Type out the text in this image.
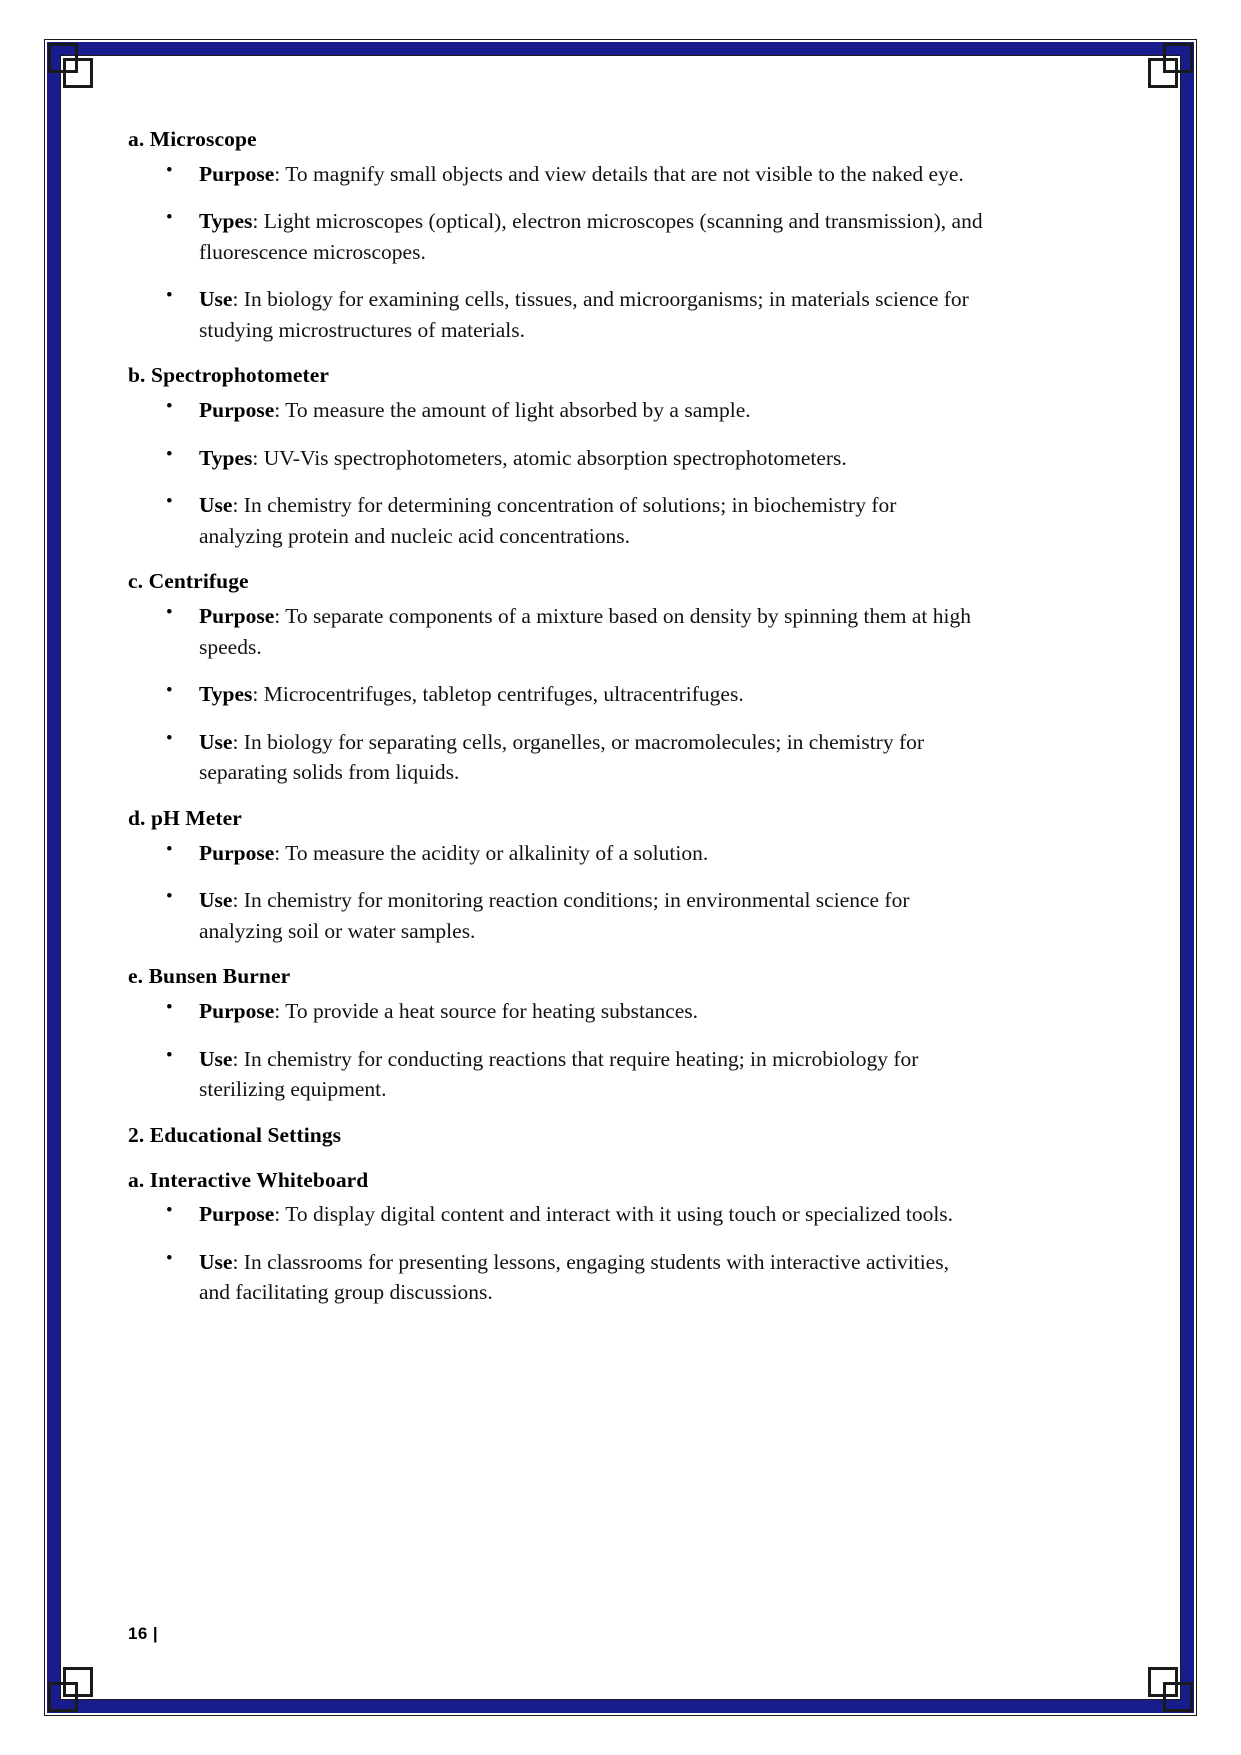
a. Microscope

• Purpose: To magnify small objects and view details that are not visible to the naked eye.
• Types: Light microscopes (optical), electron microscopes (scanning and transmission), and fluorescence microscopes.
• Use: In biology for examining cells, tissues, and microorganisms; in materials science for studying microstructures of materials.

b. Spectrophotometer

• Purpose: To measure the amount of light absorbed by a sample.
• Types: UV-Vis spectrophotometers, atomic absorption spectrophotometers.
• Use: In chemistry for determining concentration of solutions; in biochemistry for analyzing protein and nucleic acid concentrations.

c. Centrifuge

• Purpose: To separate components of a mixture based on density by spinning them at high speeds.
• Types: Microcentrifuges, tabletop centrifuges, ultracentrifuges.
• Use: In biology for separating cells, organelles, or macromolecules; in chemistry for separating solids from liquids.

d. pH Meter

• Purpose: To measure the acidity or alkalinity of a solution.
• Use: In chemistry for monitoring reaction conditions; in environmental science for analyzing soil or water samples.

e. Bunsen Burner

• Purpose: To provide a heat source for heating substances.
• Use: In chemistry for conducting reactions that require heating; in microbiology for sterilizing equipment.

2. Educational Settings

a. Interactive Whiteboard

• Purpose: To display digital content and interact with it using touch or specialized tools.
• Use: In classrooms for presenting lessons, engaging students with interactive activities, and facilitating group discussions.
16 |
